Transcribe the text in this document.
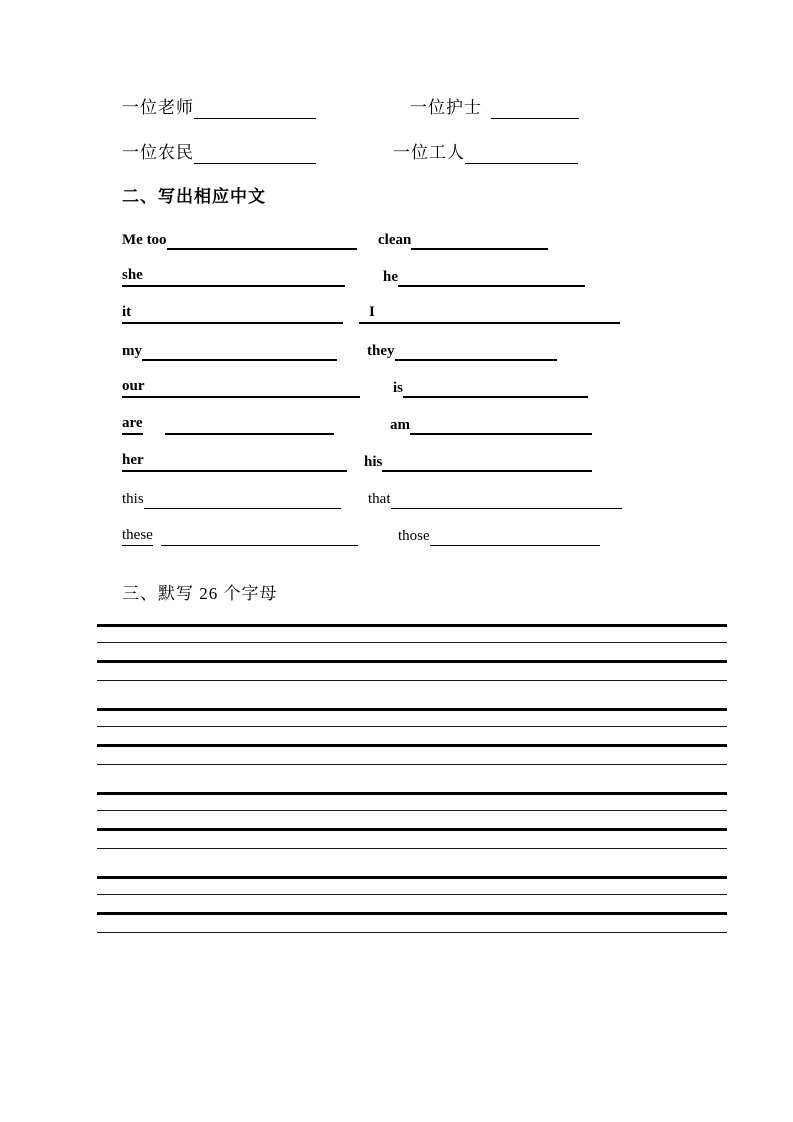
一位老师	一位护士
一位农民	一位工人
二、写出相应中文
Me too	clean
she	he
it	I
my	they
our	is
are	am
her	his
this	that
these	those
三、默写 26 个字母
